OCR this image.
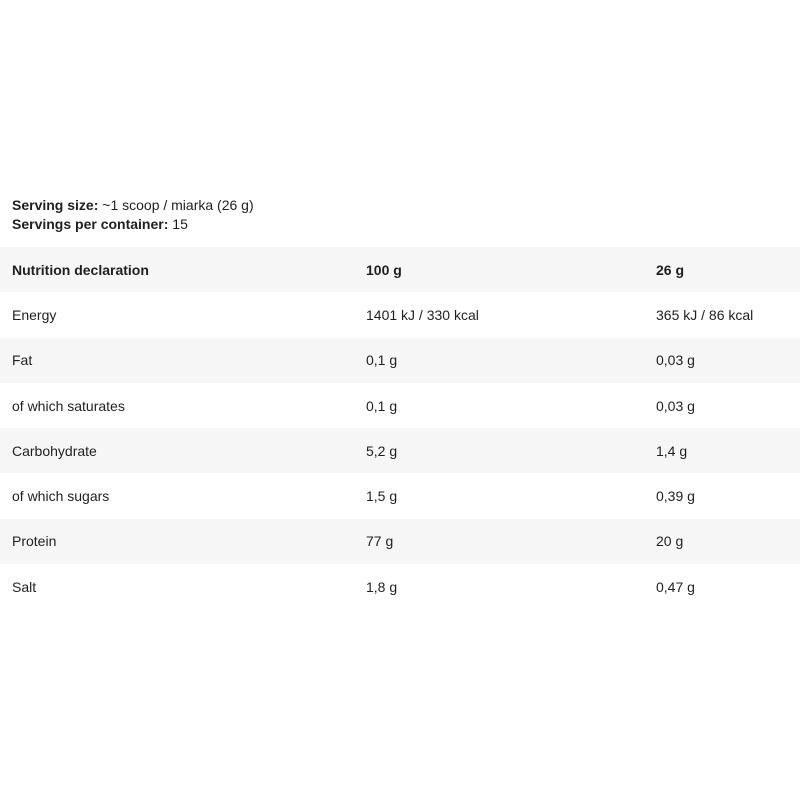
Serving size: ~1 scoop / miarka (26 g)
Servings per container: 15
Nutrition declaration	100 g	26 g
Energy	1401 kJ / 330 kcal	365 kJ / 86 kcal
Fat	0,1 g	0,03 g
of which saturates	0,1 g	0,03 g
Carbohydrate	5,2 g	1,4 g
of which sugars	1,5 g	0,39 g
Protein	77 g	20 g
Salt	1,8 g	0,47 g
